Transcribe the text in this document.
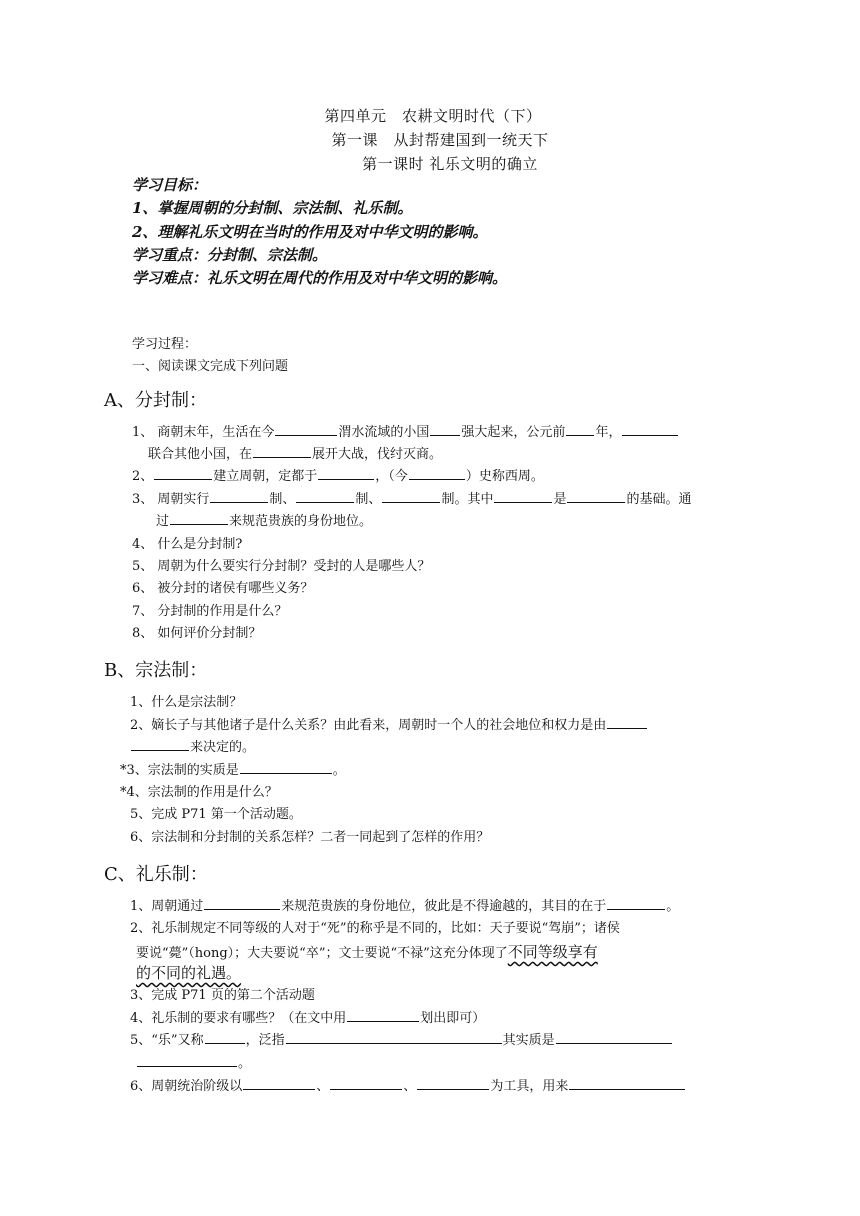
第四单元　农耕文明时代（下）
第一课　从封帮建国到一统天下
第一课时 礼乐文明的确立
学习目标：
1、掌握周朝的分封制、宗法制、礼乐制。
2、理解礼乐文明在当时的作用及对中华文明的影响。
学习重点：分封制、宗法制。
学习难点：礼乐文明在周代的作用及对中华文明的影响。
学习过程：
一、阅读课文完成下列问题
A、分封制：
1、 商朝末年，生活在今	渭水流域的小国 强大起来，公元前 年，
联合其他小国，在	展开大战，伐纣灭商。
2、	建立周朝，定都于	，（今	）史称西周。
3、 周朝实行	制、	制、	制。其中	是	的基础。通
过	来规范贵族的身份地位。
4、 什么是分封制?
5、 周朝为什么要实行分封制？受封的人是哪些人？
6、 被分封的诸侯有哪些义务？
7、 分封制的作用是什么？
8、 如何评价分封制？
B、宗法制：
1、什么是宗法制？
2、嫡长子与其他诸子是什么关系？由此看来，周朝时一个人的社会地位和权力是由
来决定的。
*3、宗法制的实质是	。
*4、宗法制的作用是什么？
5、完成 P71 第一个活动题。
6、宗法制和分封制的关系怎样？二者一同起到了怎样的作用？
C、礼乐制：
1、周朝通过	来规范贵族的身份地位，彼此是不得逾越的，其目的在于	。
2、礼乐制规定不同等级的人对于“死”的称乎是不同的，比如：天子要说“驾崩”；诸侯
要说“薨”（hong）；大夫要说“卒”；文士要说“不禄”这充分体现了不同等级享有
的不同的礼遇。
3、完成 P71 页的第二个活动题
4、礼乐制的要求有哪些？（在文中用	划出即可）
5、“乐”又称	，泛指	其实质是
。
6、周朝统治阶级以	、	、	为工具，用来
